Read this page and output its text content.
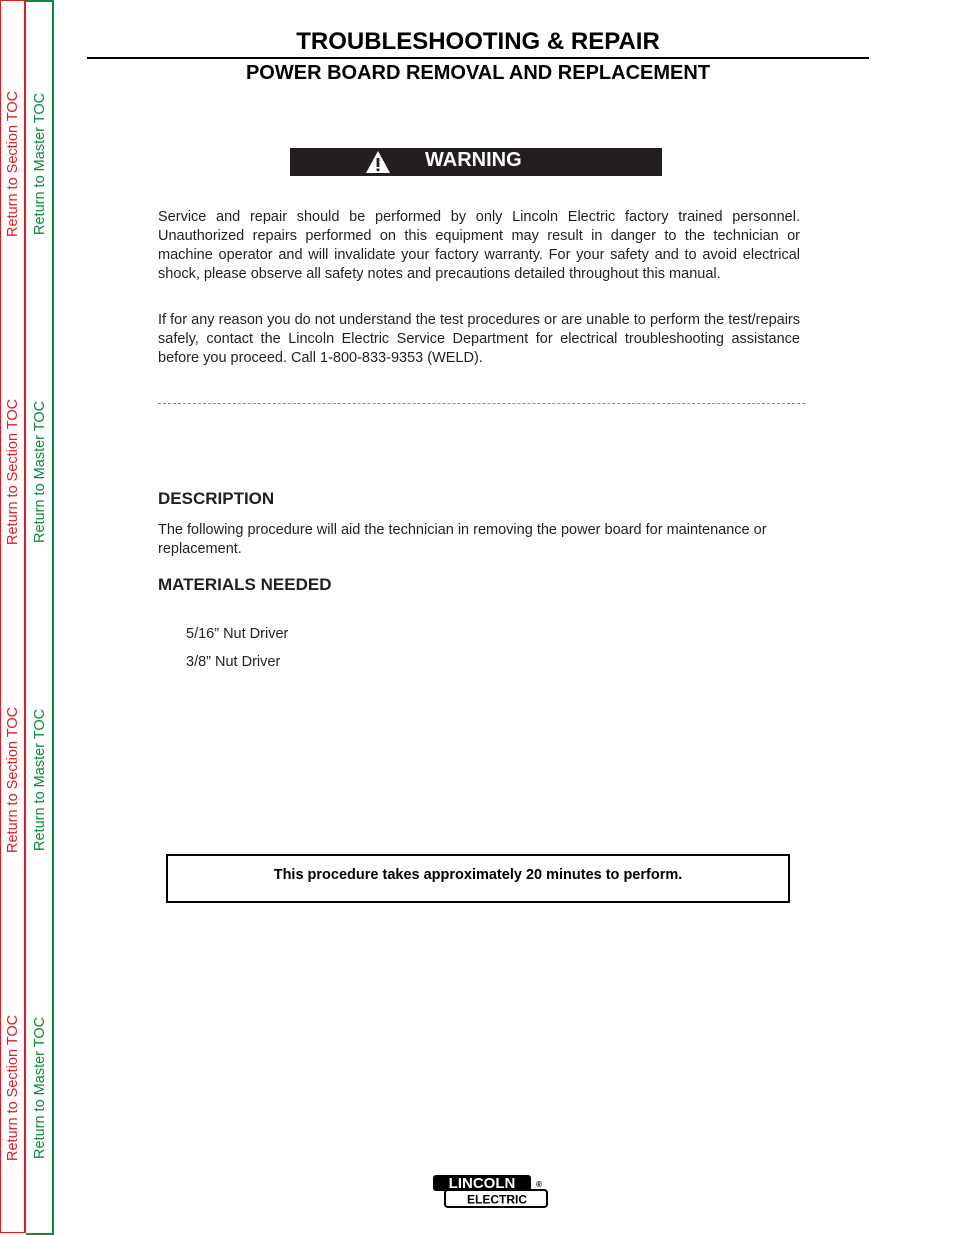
Return to Section TOC Return to Master TOC
Return to Section TOC Return to Master TOC
Return to Section TOC Return to Master TOC
Return to Section TOC Return to Master TOC
TROUBLESHOOTING & REPAIR
POWER BOARD REMOVAL AND REPLACEMENT
WARNING

Service and repair should be performed by only Lincoln Electric factory trained personnel. Unauthorized repairs performed on this equipment may result in danger to the technician or machine operator and will invalidate your factory warranty. For your safety and to avoid electrical shock, please observe all safety notes and precautions detailed throughout this manual.

If for any reason you do not understand the test procedures or are unable to perform the test/repairs safely, contact the Lincoln Electric Service Department for electrical troubleshooting assistance before you proceed. Call 1-800-833-9353 (WELD).

DESCRIPTION

The following procedure will aid the technician in removing the power board for maintenance or replacement.

MATERIALS NEEDED
5/16” Nut Driver
3/8” Nut Driver
This procedure takes approximately 20 minutes to perform.
LINCOLN
ELECTRIC
®
